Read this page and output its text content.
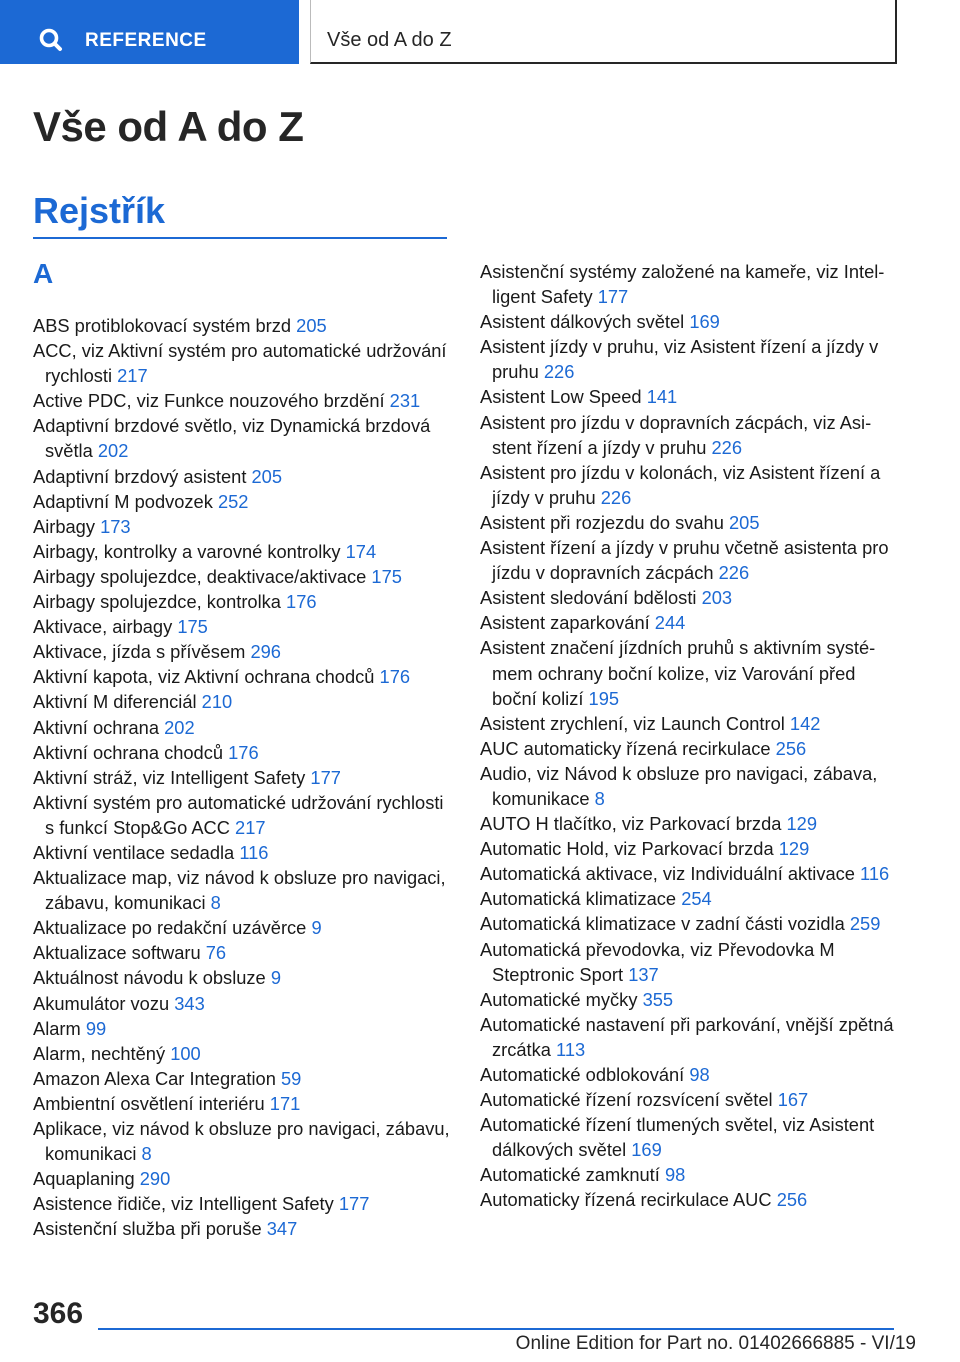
REFERENCE	Vše od A do Z
Vše od A do Z
Rejstřík
A
ABS protiblokovací systém brzd 205
ACC, viz Aktivní systém pro automatické udržování rychlosti 217
Active PDC, viz Funkce nouzového brzdění 231
Adaptivní brzdové světlo, viz Dynamická brzdová světla 202
Adaptivní brzdový asistent 205
Adaptivní M podvozek 252
Airbagy 173
Airbagy, kontrolky a varovné kontrolky 174
Airbagy spolujezdce, deaktivace/aktivace 175
Airbagy spolujezdce, kontrolka 176
Aktivace, airbagy 175
Aktivace, jízda s přívěsem 296
Aktivní kapota, viz Aktivní ochrana chodců 176
Aktivní M diferenciál 210
Aktivní ochrana 202
Aktivní ochrana chodců 176
Aktivní stráž, viz Intelligent Safety 177
Aktivní systém pro automatické udržování rychlosti s funkcí Stop&Go ACC 217
Aktivní ventilace sedadla 116
Aktualizace map, viz návod k obsluze pro navigaci, zábavu, komunikaci 8
Aktualizace po redakční uzávěrce 9
Aktualizace softwaru 76
Aktuálnost návodu k obsluze 9
Akumulátor vozu 343
Alarm 99
Alarm, nechtěný 100
Amazon Alexa Car Integration 59
Ambientní osvětlení interiéru 171
Aplikace, viz návod k obsluze pro navigaci, zábavu, komunikaci 8
Aquaplaning 290
Asistence řidiče, viz Intelligent Safety 177
Asistenční služba při poruše 347
Asistenční systémy založené na kameře, viz Intelligent Safety 177
Asistent dálkových světel 169
Asistent jízdy v pruhu, viz Asistent řízení a jízdy v pruhu 226
Asistent Low Speed 141
Asistent pro jízdu v dopravních zácpách, viz Asistent řízení a jízdy v pruhu 226
Asistent pro jízdu v kolonách, viz Asistent řízení a jízdy v pruhu 226
Asistent při rozjezdu do svahu 205
Asistent řízení a jízdy v pruhu včetně asistenta pro jízdu v dopravních zácpách 226
Asistent sledování bdělosti 203
Asistent zaparkování 244
Asistent značení jízdních pruhů s aktivním systémem ochrany boční kolize, viz Varování před boční kolizí 195
Asistent zrychlení, viz Launch Control 142
AUC automaticky řízená recirkulace 256
Audio, viz Návod k obsluze pro navigaci, zábava, komunikace 8
AUTO H tlačítko, viz Parkovací brzda 129
Automatic Hold, viz Parkovací brzda 129
Automatická aktivace, viz Individuální aktivace 116
Automatická klimatizace 254
Automatická klimatizace v zadní části vozidla 259
Automatická převodovka, viz Převodovka M Steptronic Sport 137
Automatické myčky 355
Automatické nastavení při parkování, vnější zpětná zrcátka 113
Automatické odblokování 98
Automatické řízení rozsvícení světel 167
Automatické řízení tlumených světel, viz Asistent dálkových světel 169
Automatické zamknutí 98
Automaticky řízená recirkulace AUC 256
366
Online Edition for Part no. 01402666885 - VI/19
